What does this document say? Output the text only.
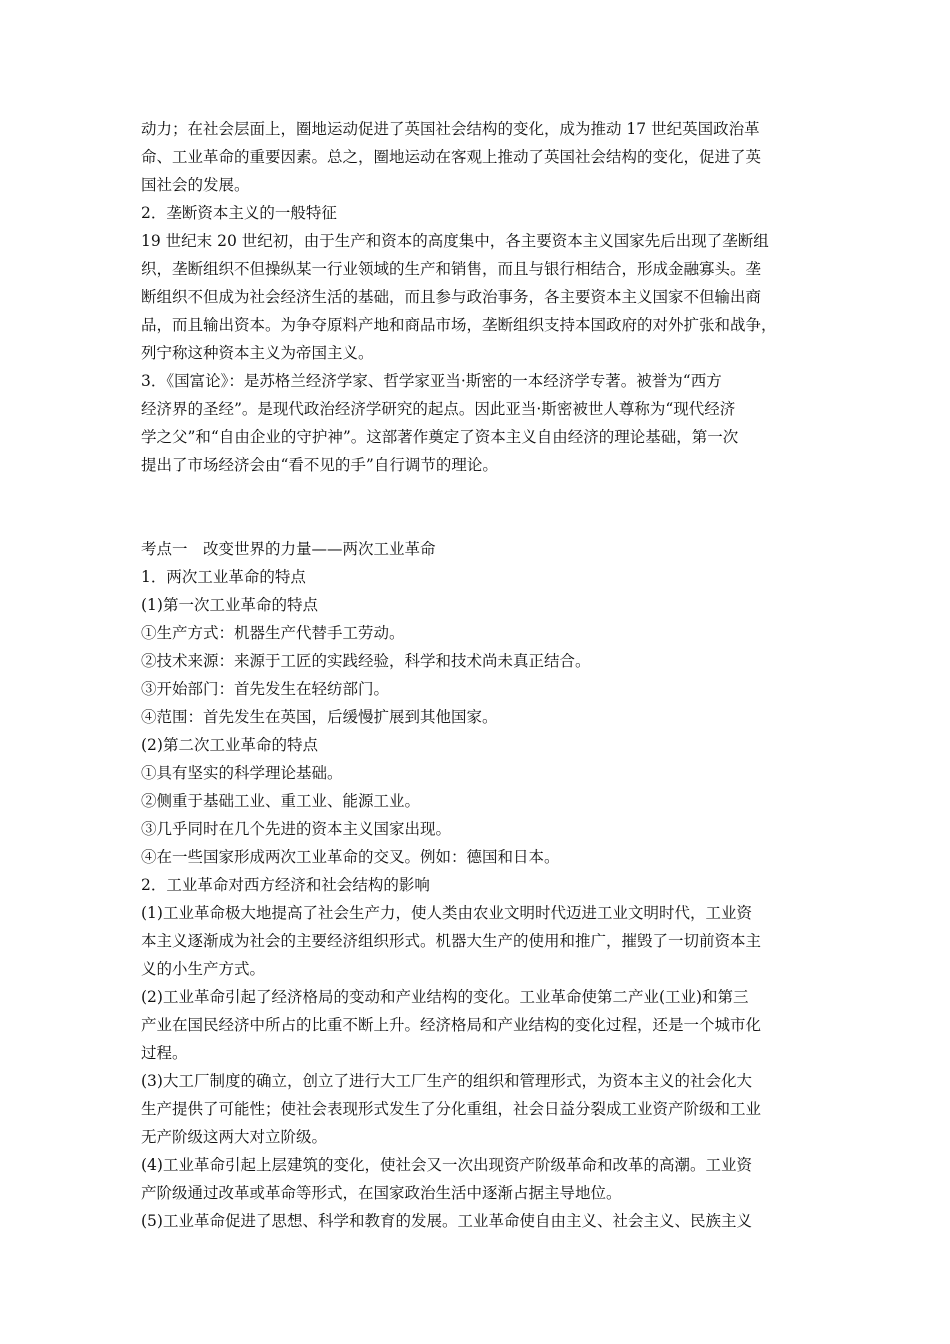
动力；在社会层面上，圈地运动促进了英国社会结构的变化，成为推动 17 世纪英国政治革
命、工业革命的重要因素。总之，圈地运动在客观上推动了英国社会结构的变化，促进了英
国社会的发展。
2．垄断资本主义的一般特征
19 世纪末 20 世纪初，由于生产和资本的高度集中，各主要资本主义国家先后出现了垄断组
织，垄断组织不但操纵某一行业领域的生产和销售，而且与银行相结合，形成金融寡头。垄
断组织不但成为社会经济生活的基础，而且参与政治事务，各主要资本主义国家不但输出商
品，而且输出资本。为争夺原料产地和商品市场，垄断组织支持本国政府的对外扩张和战争，
列宁称这种资本主义为帝国主义。
3．《国富论》：是苏格兰经济学家、哲学家亚当·斯密的一本经济学专著。被誉为“西方
经济界的圣经”。是现代政治经济学研究的起点。因此亚当·斯密被世人尊称为“现代经济
学之父”和“自由企业的守护神”。这部著作奠定了资本主义自由经济的理论基础，第一次
提出了市场经济会由“看不见的手”自行调节的理论。
考点一　改变世界的力量——两次工业革命
1．两次工业革命的特点
(1)第一次工业革命的特点
①生产方式：机器生产代替手工劳动。
②技术来源：来源于工匠的实践经验，科学和技术尚未真正结合。
③开始部门：首先发生在轻纺部门。
④范围：首先发生在英国，后缓慢扩展到其他国家。
(2)第二次工业革命的特点
①具有坚实的科学理论基础。
②侧重于基础工业、重工业、能源工业。
③几乎同时在几个先进的资本主义国家出现。
④在一些国家形成两次工业革命的交叉。例如：德国和日本。
2．工业革命对西方经济和社会结构的影响
(1)工业革命极大地提高了社会生产力，使人类由农业文明时代迈进工业文明时代，工业资
本主义逐渐成为社会的主要经济组织形式。机器大生产的使用和推广，摧毁了一切前资本主
义的小生产方式。
(2)工业革命引起了经济格局的变动和产业结构的变化。工业革命使第二产业(工业)和第三
产业在国民经济中所占的比重不断上升。经济格局和产业结构的变化过程，还是一个城市化
过程。
(3)大工厂制度的确立，创立了进行大工厂生产的组织和管理形式，为资本主义的社会化大
生产提供了可能性；使社会表现形式发生了分化重组，社会日益分裂成工业资产阶级和工业
无产阶级这两大对立阶级。
(4)工业革命引起上层建筑的变化，使社会又一次出现资产阶级革命和改革的高潮。工业资
产阶级通过改革或革命等形式，在国家政治生活中逐渐占据主导地位。
(5)工业革命促进了思想、科学和教育的发展。工业革命使自由主义、社会主义、民族主义
